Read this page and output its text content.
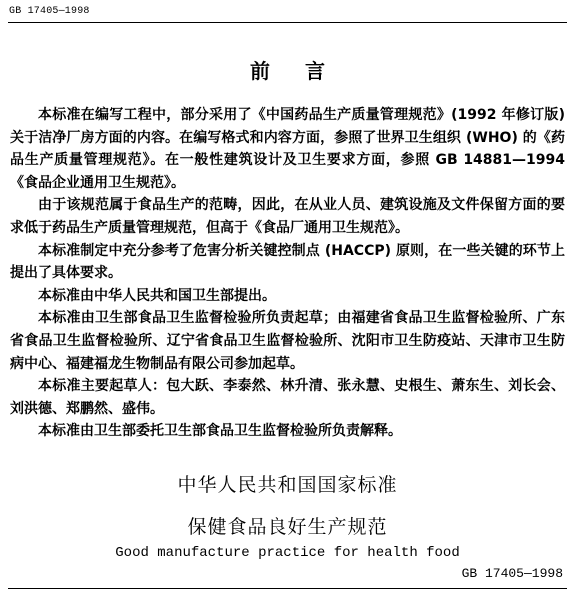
GB 17405—1998
前 言

本标准在编写工程中，部分采用了《中国药品生产质量管理规范》(1992 年修订版) 关于洁净厂房方面的内容。在编写格式和内容方面，参照了世界卫生组织 (WHO) 的《药品生产质量管理规范》。在一般性建筑设计及卫生要求方面，参照 GB 14881—1994《食品企业通用卫生规范》。

由于该规范属于食品生产的范畴，因此，在从业人员、建筑设施及文件保留方面的要求低于药品生产质量管理规范，但高于《食品厂通用卫生规范》。

本标准制定中充分参考了危害分析关键控制点 (HACCP) 原则，在一些关键的环节上提出了具体要求。

本标准由中华人民共和国卫生部提出。

本标准由卫生部食品卫生监督检验所负责起草；由福建省食品卫生监督检验所、广东省食品卫生监督检验所、辽宁省食品卫生监督检验所、沈阳市卫生防疫站、天津市卫生防病中心、福建福龙生物制品有限公司参加起草。

本标准主要起草人：包大跃、李泰然、林升清、张永慧、史根生、萧东生、刘长会、刘洪德、郑鹏然、盛伟。

本标准由卫生部委托卫生部食品卫生监督检验所负责解释。

中华人民共和国国家标准
保健食品良好生产规范
Good manufacture practice for health food
GB 17405—1998
